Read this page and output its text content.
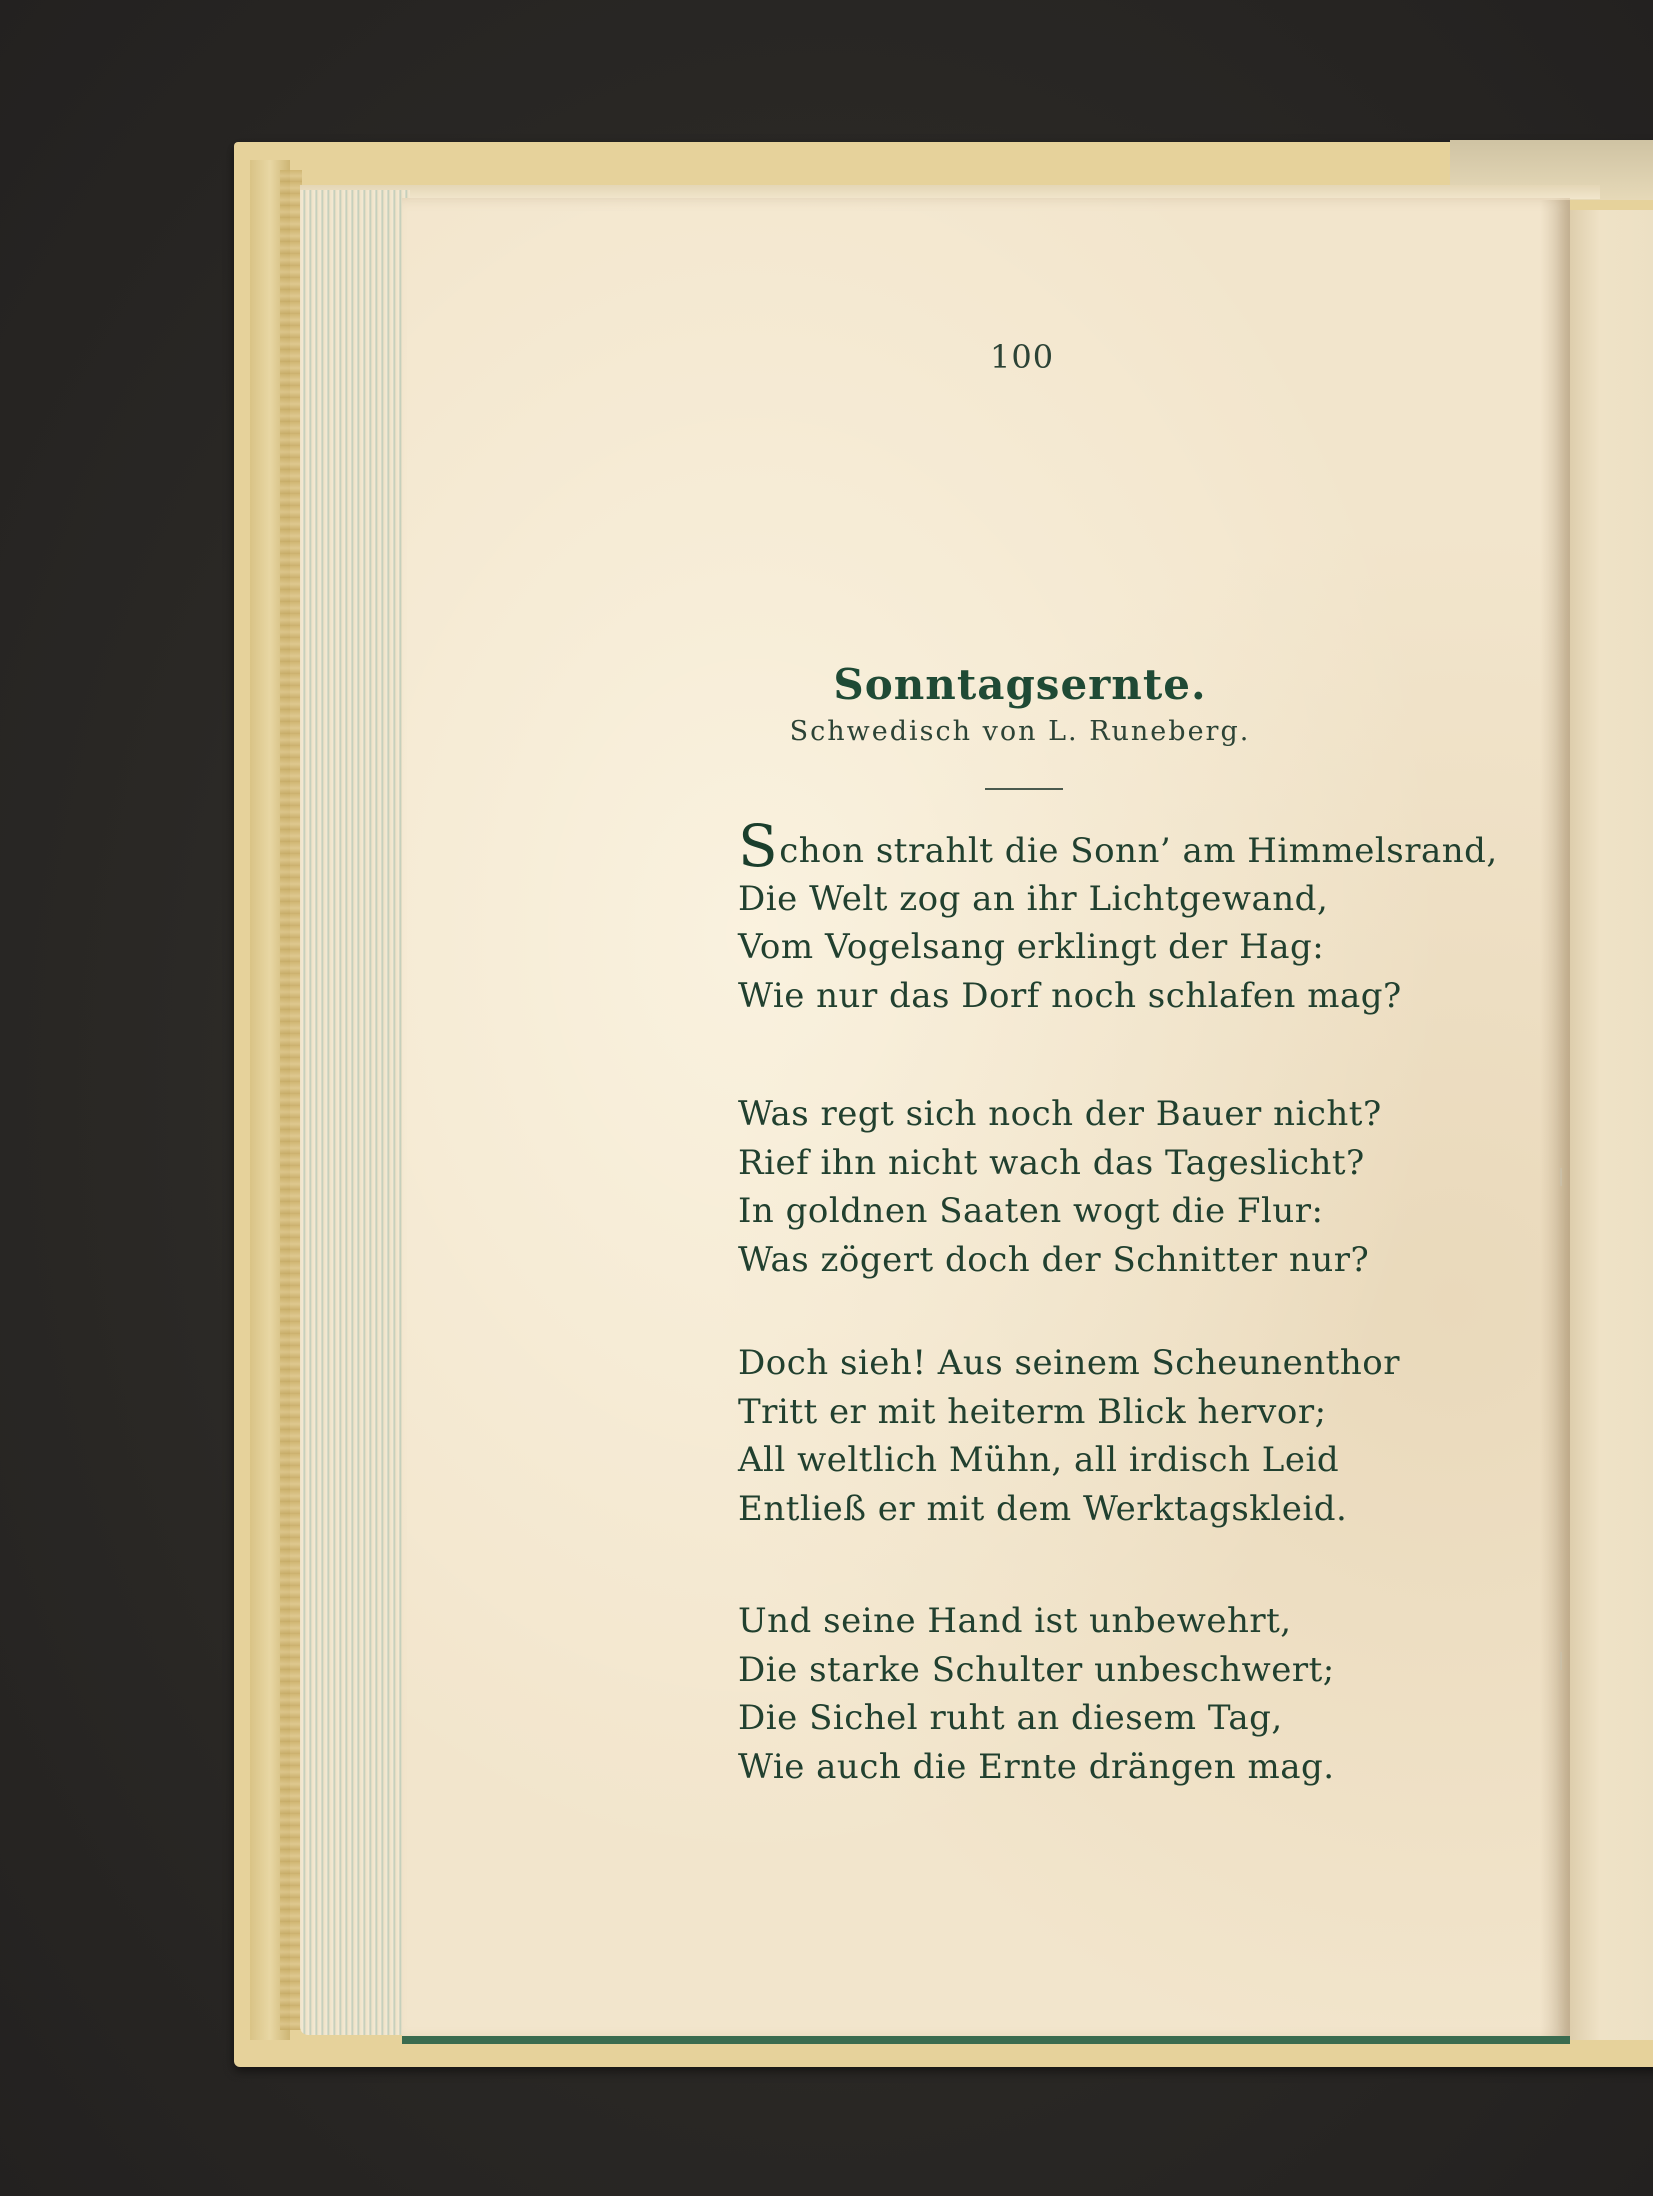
100
Sonntagsernte.
Schwedisch von L. Runeberg.
Schon strahlt die Sonn’ am Himmelsrand,
Die Welt zog an ihr Lichtgewand,
Vom Vogelsang erklingt der Hag:
Wie nur das Dorf noch schlafen mag?
Was regt sich noch der Bauer nicht?
Rief ihn nicht wach das Tageslicht?
In goldnen Saaten wogt die Flur:
Was zögert doch der Schnitter nur?
Doch sieh! Aus seinem Scheunenthor
Tritt er mit heiterm Blick hervor;
All weltlich Mühn, all irdisch Leid
Entließ er mit dem Werktagskleid.
Und seine Hand ist unbewehrt,
Die starke Schulter unbeschwert;
Die Sichel ruht an diesem Tag,
Wie auch die Ernte drängen mag.
